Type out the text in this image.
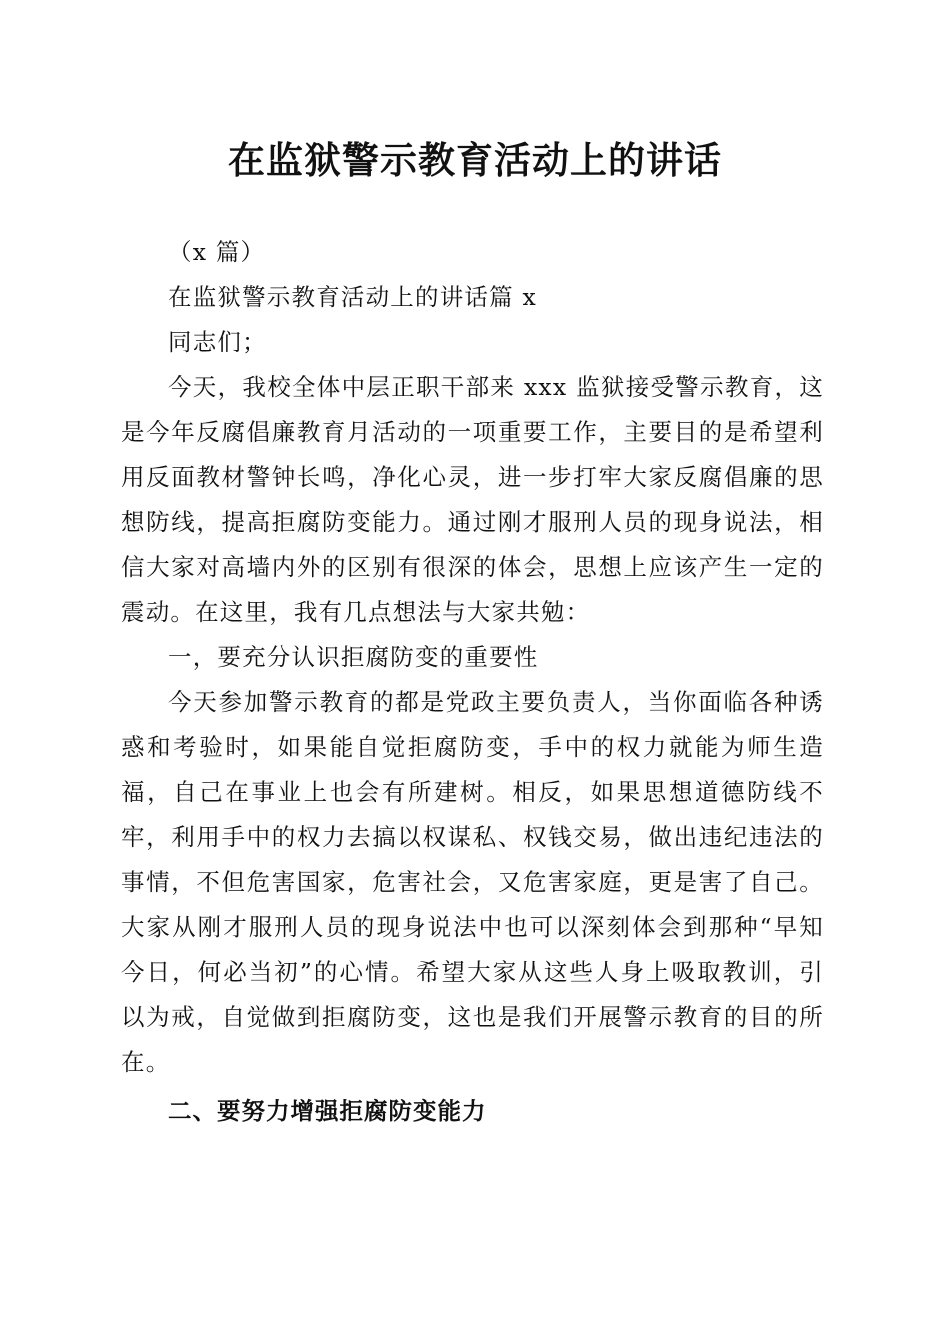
在监狱警示教育活动上的讲话

（x 篇）

在监狱警示教育活动上的讲话篇 x

同志们；

今天，我校全体中层正职干部来 xxx 监狱接受警示教育，这是今年反腐倡廉教育月活动的一项重要工作，主要目的是希望利用反面教材警钟长鸣，净化心灵，进一步打牢大家反腐倡廉的思想防线，提高拒腐防变能力。通过刚才服刑人员的现身说法，相信大家对高墙内外的区别有很深的体会，思想上应该产生一定的震动。在这里，我有几点想法与大家共勉：

一，要充分认识拒腐防变的重要性

今天参加警示教育的都是党政主要负责人，当你面临各种诱惑和考验时，如果能自觉拒腐防变，手中的权力就能为师生造福，自己在事业上也会有所建树。相反，如果思想道德防线不牢，利用手中的权力去搞以权谋私、权钱交易，做出违纪违法的事情，不但危害国家，危害社会，又危害家庭，更是害了自己。大家从刚才服刑人员的现身说法中也可以深刻体会到那种“早知今日，何必当初”的心情。希望大家从这些人身上吸取教训，引以为戒，自觉做到拒腐防变，这也是我们开展警示教育的目的所在。

二、要努力增强拒腐防变能力
